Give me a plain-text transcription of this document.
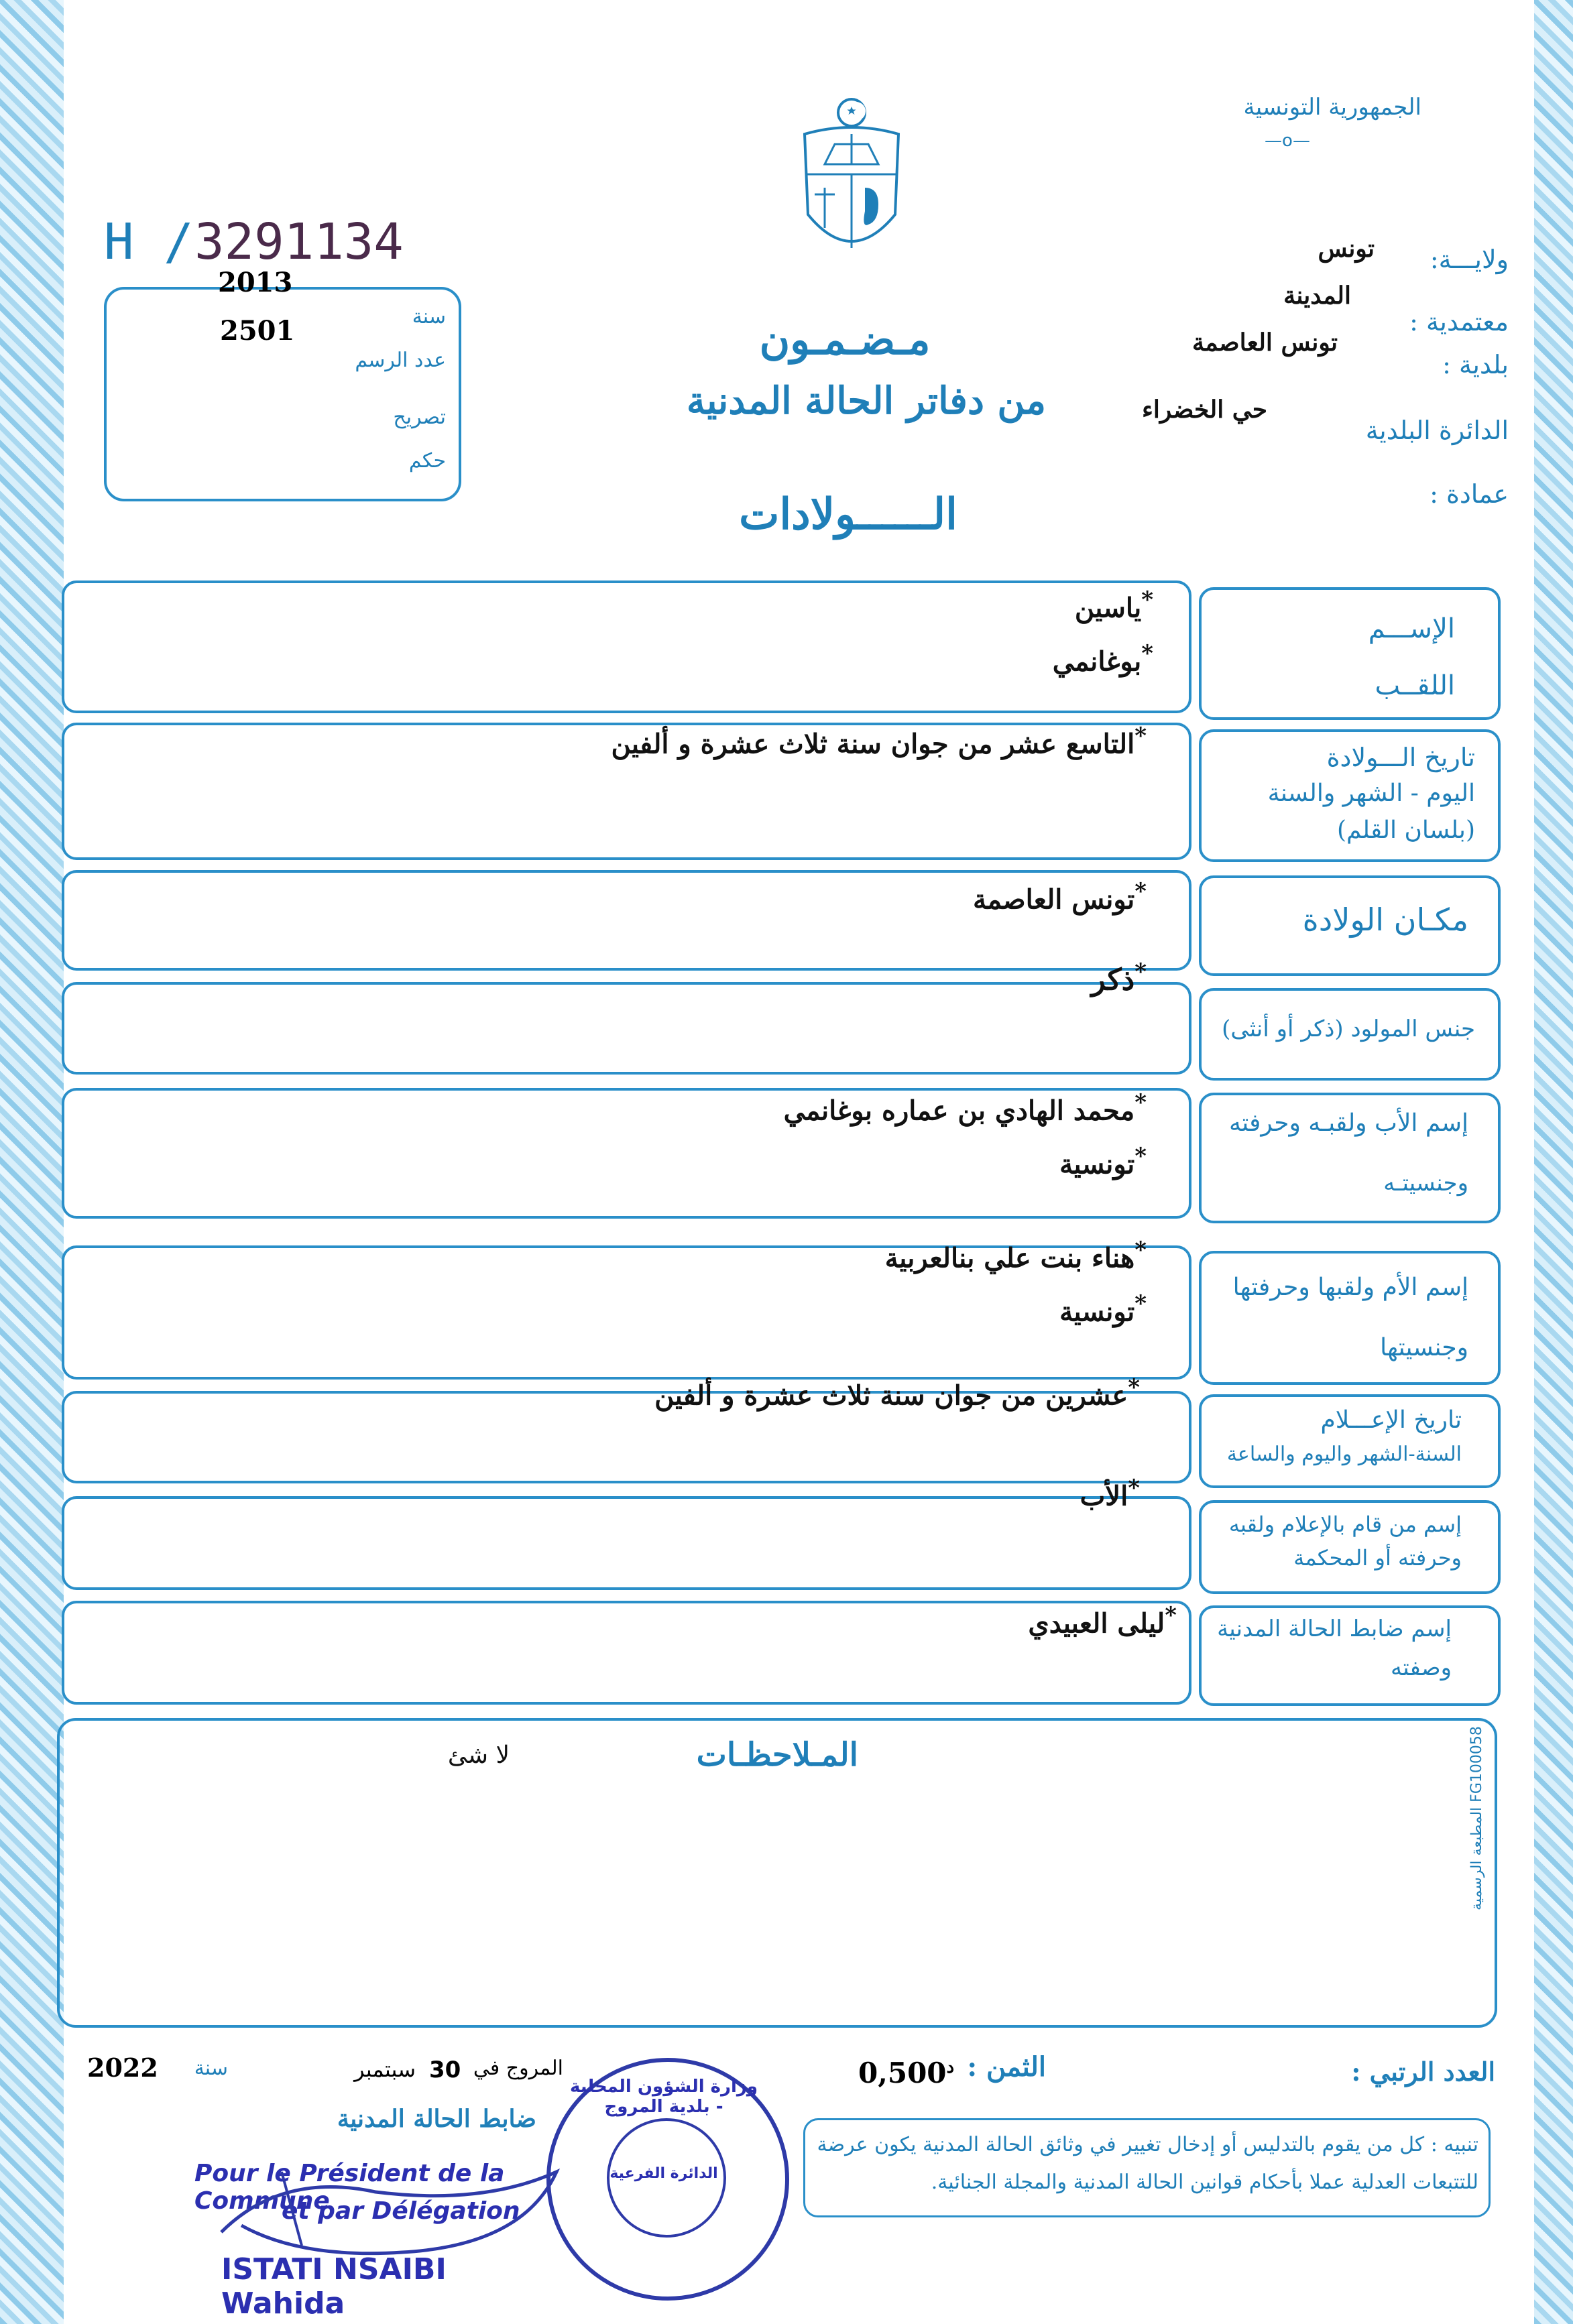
الجمهورية التونسية
—o—
H / 3291134
2013
2501	سنة
عدد الرسم
تصريح
حكم
ولايـــة:
معتمدية :
بلدية :
الدائرة البلدية
عمادة :
تونس
المدينة
تونس العاصمة
حي الخضراء
مـضـمـون
من دفاتر الحالة المدنية
الــــــولادات
الإســـم
اللقــب
*ياسين
*بوغانمي
تاريخ الـــولادة
اليوم - الشهر والسنة
(بلسان القلم)
*التاسع عشر من جوان سنة ثلاث عشرة و ألفين
مكـان الولادة
*تونس العاصمة
جنس المولود (ذكر أو أنثى)
*ذكر
إسم الأب ولقبـه وحرفته
وجنسيتـه
*محمد الهادي بن عماره بوغانمي
*تونسية
إسم الأم ولقبها وحرفتها
وجنسيتها
*هناء بنت علي بنالعربية
*تونسية
تاريخ الإعـــلام
السنة-الشهر واليوم والساعة
*عشرين من جوان سنة ثلاث عشرة و ألفين
إسم من قام بالإعلام ولقبه
وحرفته أو المحكمة
*الأب
إسم ضابط الحالة المدنية
وصفته
*ليلى العبيدي
المـلاحظـات
لا شئ
المطبعة الرسمية FG100058
العدد الرتبي :
الثمن :
$^د$0,500
المروج في
30
سبتمبر
سنة
2022
ضابط الحالة المدنية
تنبيه : كل من يقوم بالتدليس أو إدخال تغيير في وثائق الحالة المدنية يكون عرضة
للتتبعات العدلية عملا بأحكام قوانين الحالة المدنية والمجلة الجنائية.
وزارة الشؤون المحلية - بلدية المروج
الدائرة الفرعية
Pour le Président de la Commune
et par Délégation
ISTATI NSAIBI Wahida
